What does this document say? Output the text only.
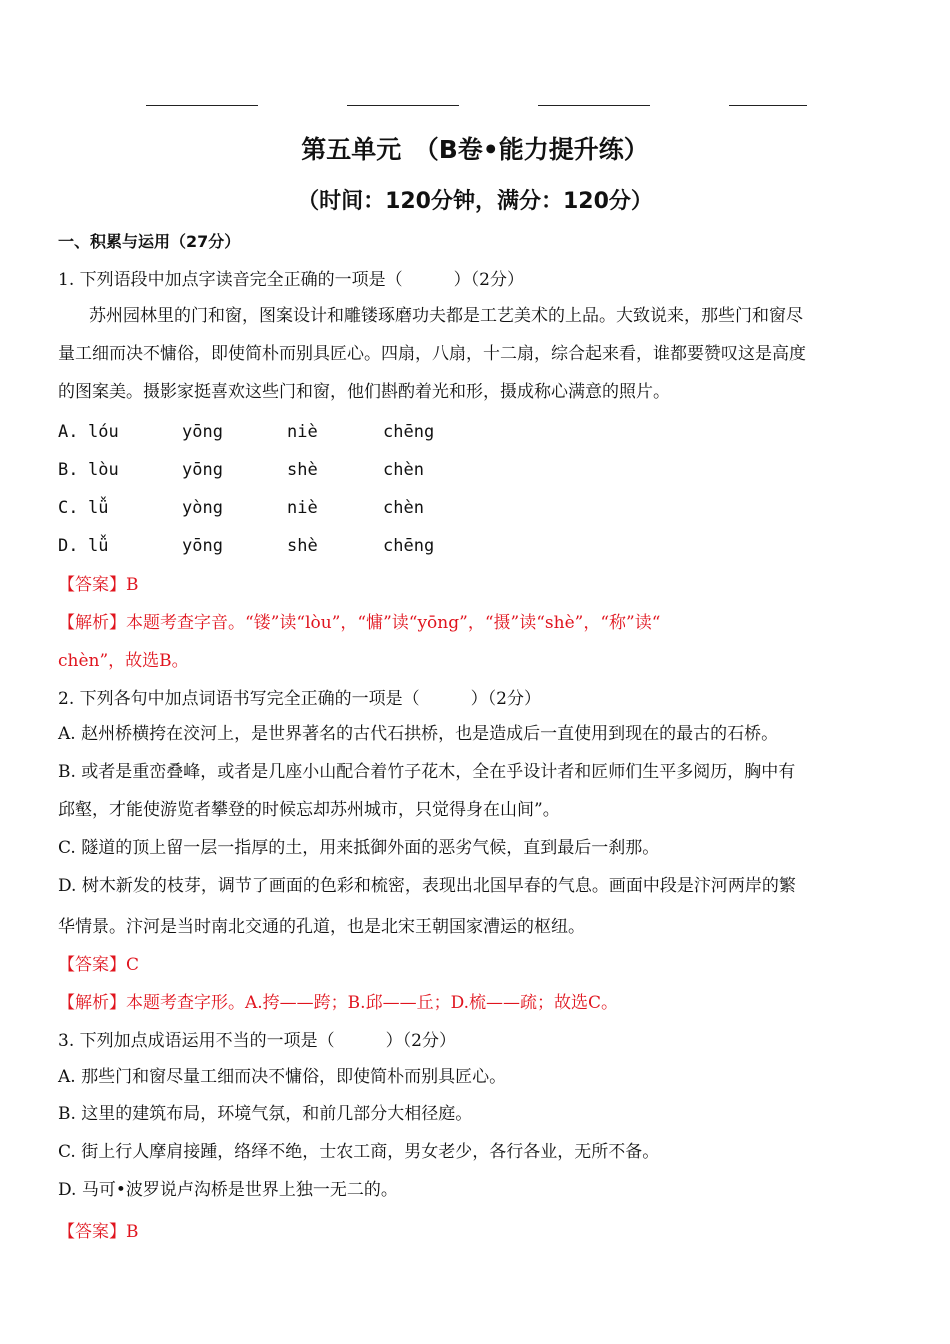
第五单元　（B卷•能力提升练）
（时间：120分钟，满分：120分）
一、积累与运用（27分）
1. 下列语段中加点字读音完全正确的一项是（　　　）（2分）
　苏州园林里的门和窗，图案设计和雕镂琢磨功夫都是工艺美术的上品。大致说来，那些门和窗尽
量工细而决不慵俗，即使简朴而别具匠心。四扇，八扇，十二扇，综合起来看，谁都要赞叹这是高度
的图案美。摄影家挺喜欢这些门和窗，他们斟酌着光和形，摄成称心满意的照片。
A. lóu	yōng	niè	chēng
B. lòu	yōng	shè	chèn
C. lǚ	yòng	niè	chèn
D. lǚ	yōng	shè	chēng
【答案】B
【解析】本题考查字音。“镂”读“lòu”，“慵”读“yōng”，“摄”读“shè”，“称”读“
chèn”，故选B。
2. 下列各句中加点词语书写完全正确的一项是（　　　）（2分）
A. 赵州桥横挎在洨河上，是世界著名的古代石拱桥，也是造成后一直使用到现在的最古的石桥。
B. 或者是重峦叠峰，或者是几座小山配合着竹子花木，全在乎设计者和匠师们生平多阅历，胸中有
邱壑，才能使游览者攀登的时候忘却苏州城市，只觉得身在山间”。
C. 隧道的顶上留一层一指厚的土，用来抵御外面的恶劣气候，直到最后一刹那。
D. 树木新发的枝芽，调节了画面的色彩和梳密，表现出北国早春的气息。画面中段是汴河两岸的繁
华情景。汴河是当时南北交通的孔道，也是北宋王朝国家漕运的枢纽。
【答案】C
【解析】本题考查字形。A.挎——跨；B.邱——丘；D.梳——疏；故选C。
3. 下列加点成语运用不当的一项是（　　　）（2分）
A. 那些门和窗尽量工细而决不慵俗，即使简朴而别具匠心。
B. 这里的建筑布局，环境气氛，和前几部分大相径庭。
C. 街上行人摩肩接踵，络绎不绝，士农工商，男女老少，各行各业，无所不备。
D. 马可•波罗说卢沟桥是世界上独一无二的。
【答案】B
